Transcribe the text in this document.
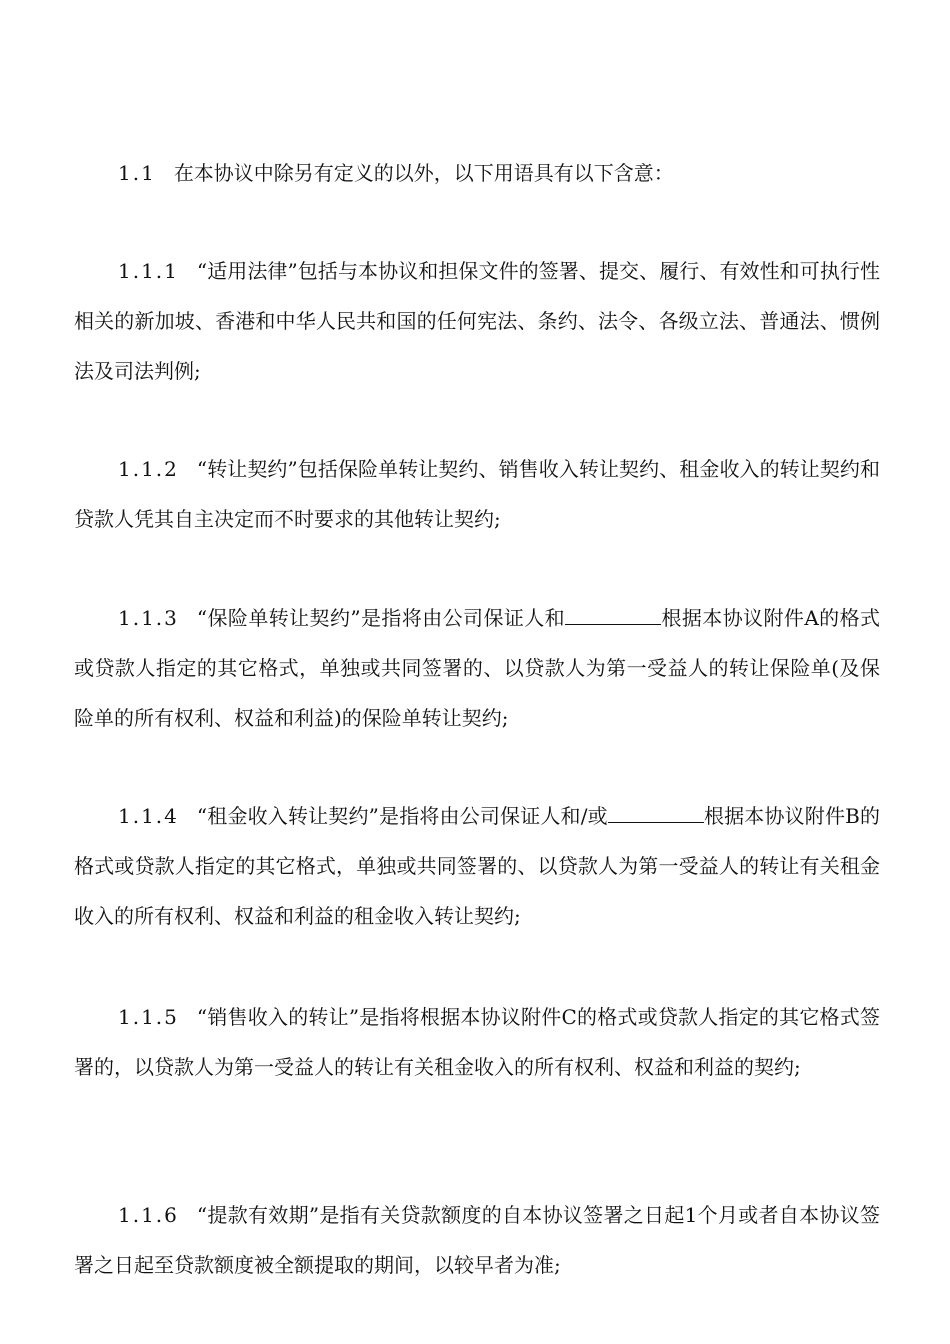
1.1 在本协议中除另有定义的以外，以下用语具有以下含意：

1.1.1 “适用法律”包括与本协议和担保文件的签署、提交、履行、有效性和可执行性相关的新加坡、香港和中华人民共和国的任何宪法、条约、法令、各级立法、普通法、惯例法及司法判例;

1.1.2 “转让契约”包括保险单转让契约、销售收入转让契约、租金收入的转让契约和贷款人凭其自主决定而不时要求的其他转让契约;

1.1.3 “保险单转让契约”是指将由公司保证人和	根据本协议附件A的格式或贷款人指定的其它格式，单独或共同签署的、以贷款人为第一受益人的转让保险单(及保险单的所有权利、权益和利益)的保险单转让契约;

1.1.4 “租金收入转让契约”是指将由公司保证人和/或	根据本协议附件B的格式或贷款人指定的其它格式，单独或共同签署的、以贷款人为第一受益人的转让有关租金收入的所有权利、权益和利益的租金收入转让契约;

1.1.5 “销售收入的转让”是指将根据本协议附件C的格式或贷款人指定的其它格式签署的，以贷款人为第一受益人的转让有关租金收入的所有权利、权益和利益的契约;

1.1.6 “提款有效期”是指有关贷款额度的自本协议签署之日起1个月或者自本协议签署之日起至贷款额度被全额提取的期间，以较早者为准;
